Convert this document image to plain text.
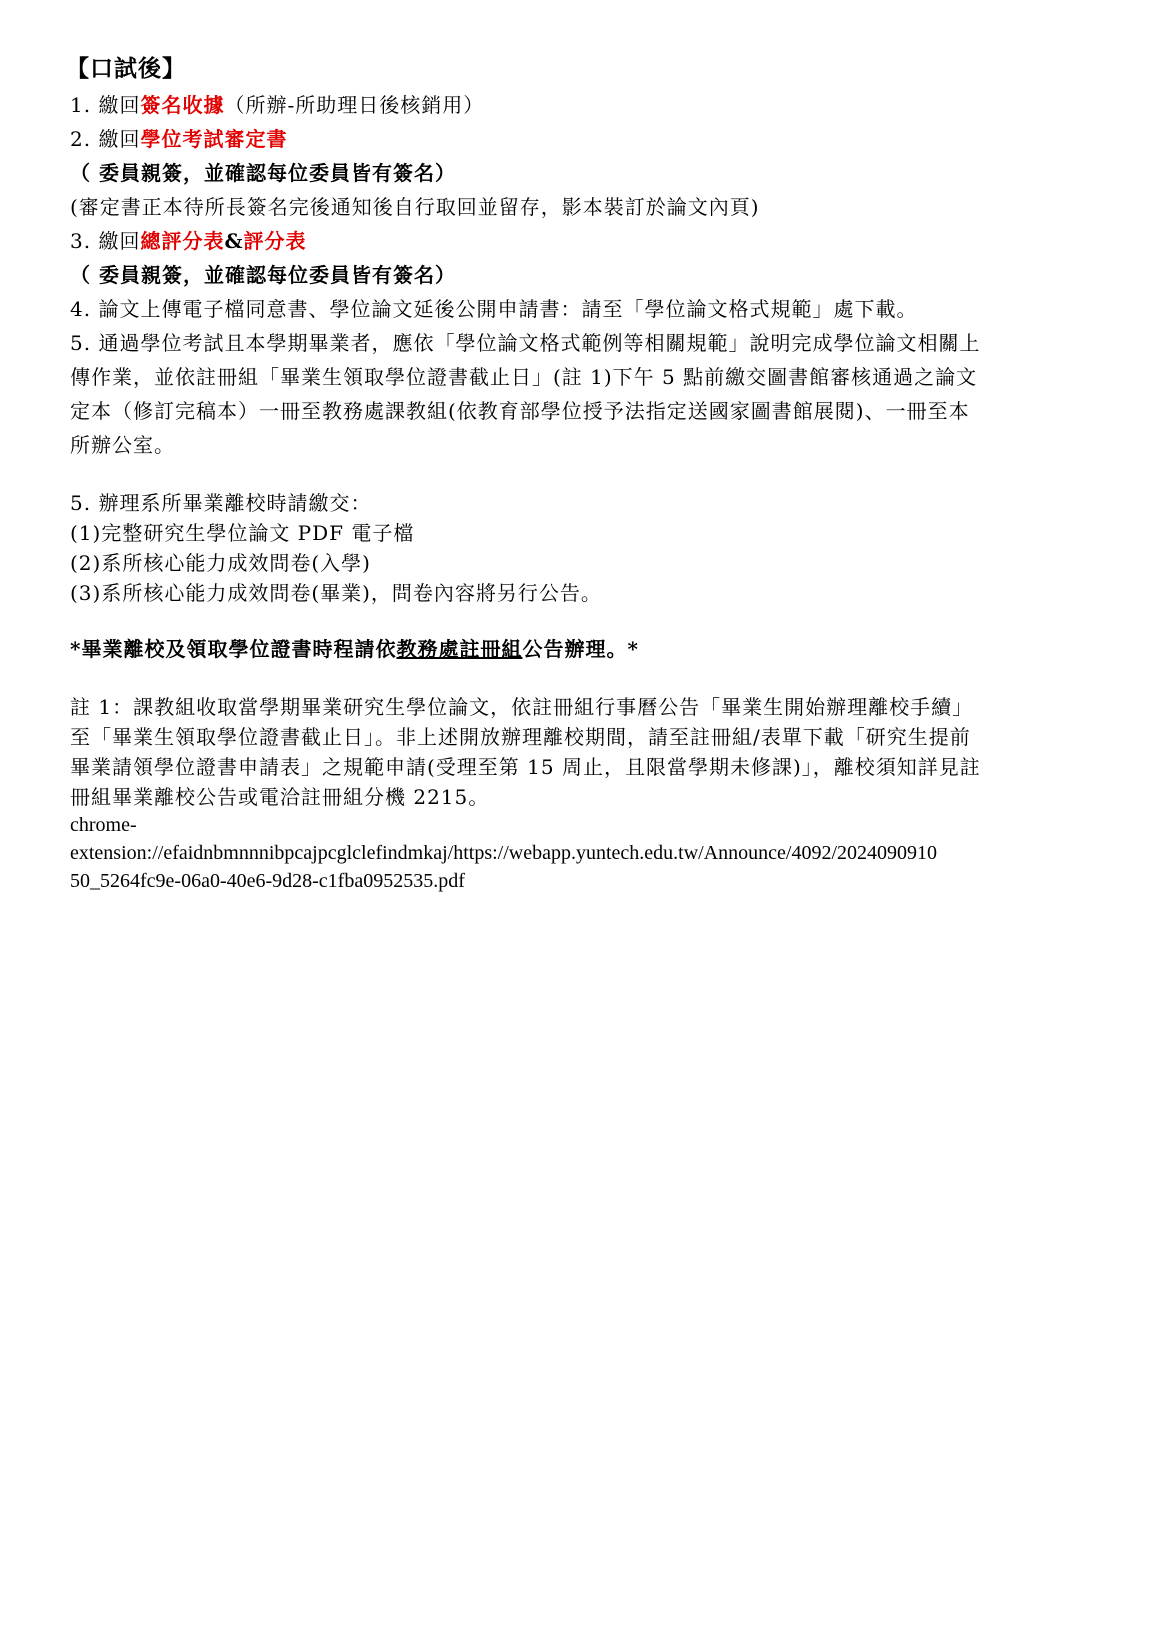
【口試後】
1. 繳回簽名收據（所辦-所助理日後核銷用）
2. 繳回學位考試審定書
（ 委員親簽，並確認每位委員皆有簽名）
(審定書正本待所長簽名完後通知後自行取回並留存，影本裝訂於論文內頁)
3. 繳回總評分表&評分表
（ 委員親簽，並確認每位委員皆有簽名）
4. 論文上傳電子檔同意書、學位論文延後公開申請書：請至「學位論文格式規範」處下載。
5. 通過學位考試且本學期畢業者，應依「學位論文格式範例等相關規範」說明完成學位論文相關上
傳作業，並依註冊組「畢業生領取學位證書截止日」(註 1)下午 5 點前繳交圖書館審核通過之論文
定本（修訂完稿本）一冊至教務處課教組(依教育部學位授予法指定送國家圖書館展閱)、一冊至本
所辦公室。
5. 辦理系所畢業離校時請繳交：
(1)完整研究生學位論文 PDF 電子檔
(2)系所核心能力成效問卷(入學)
(3)系所核心能力成效問卷(畢業)，問卷內容將另行公告。
*畢業離校及領取學位證書時程請依教務處註冊組公告辦理。*
註 1：課教組收取當學期畢業研究生學位論文，依註冊組行事曆公告「畢業生開始辦理離校手續」
至「畢業生領取學位證書截止日」。非上述開放辦理離校期間，請至註冊組/表單下載「研究生提前
畢業請領學位證書申請表」之規範申請(受理至第 15 周止，且限當學期未修課)」，離校須知詳見註
冊組畢業離校公告或電洽註冊組分機 2215。
chrome-
extension://efaidnbmnnnibpcajpcglclefindmkaj/https://webapp.yuntech.edu.tw/Announce/4092/2024090910
50_5264fc9e-06a0-40e6-9d28-c1fba0952535.pdf
